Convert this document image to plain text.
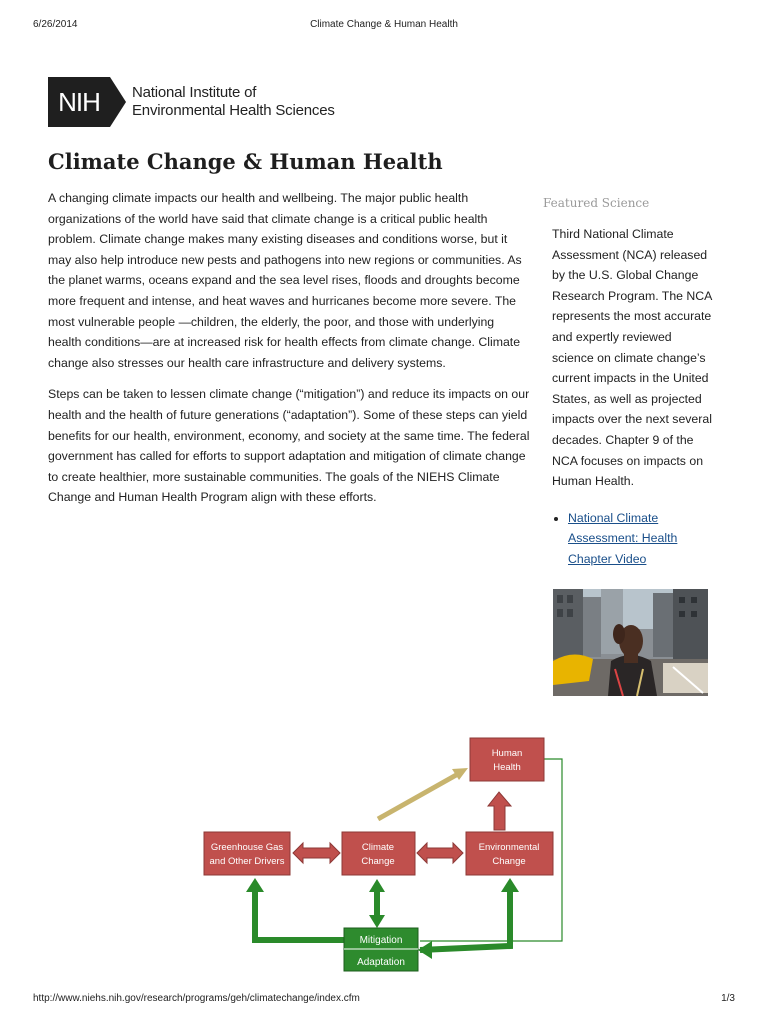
6/26/2014	Climate Change & Human Health
NIH National Institute of
Environmental Health Sciences
Climate Change & Human Health

A changing climate impacts our health and wellbeing. The major public health organizations of the world have said that climate change is a critical public health problem. Climate change makes many existing diseases and conditions worse, but it may also help introduce new pests and pathogens into new regions or communities. As the planet warms, oceans expand and the sea level rises, floods and droughts become more frequent and intense, and heat waves and hurricanes become more severe. The most vulnerable people —children, the elderly, the poor, and those with underlying health conditions—are at increased risk for health effects from climate change. Climate change also stresses our health care infrastructure and delivery systems.

Steps can be taken to lessen climate change (“mitigation”) and reduce its impacts on our health and the health of future generations (“adaptation”). Some of these steps can yield benefits for our health, environment, economy, and society at the same time. The federal government has called for efforts to support adaptation and mitigation of climate change to create healthier, more sustainable communities. The goals of the NIEHS Climate Change and Human Health Program align with these efforts.

Featured Science

Third National Climate Assessment (NCA) released by the U.S. Global Change Research Program. The NCA represents the most accurate and expertly reviewed science on climate change’s current impacts in the United States, as well as projected impacts over the next several decades. Chapter 9 of the NCA focuses on impacts on Human Health.

• National Climate Assessment: Health Chapter Video
Human
Health
Greenhouse Gas
and Other Drivers
Climate
Change
Environmental
Change
Mitigation
Adaptation
http://www.niehs.nih.gov/research/programs/geh/climatechange/index.cfm	1/3
